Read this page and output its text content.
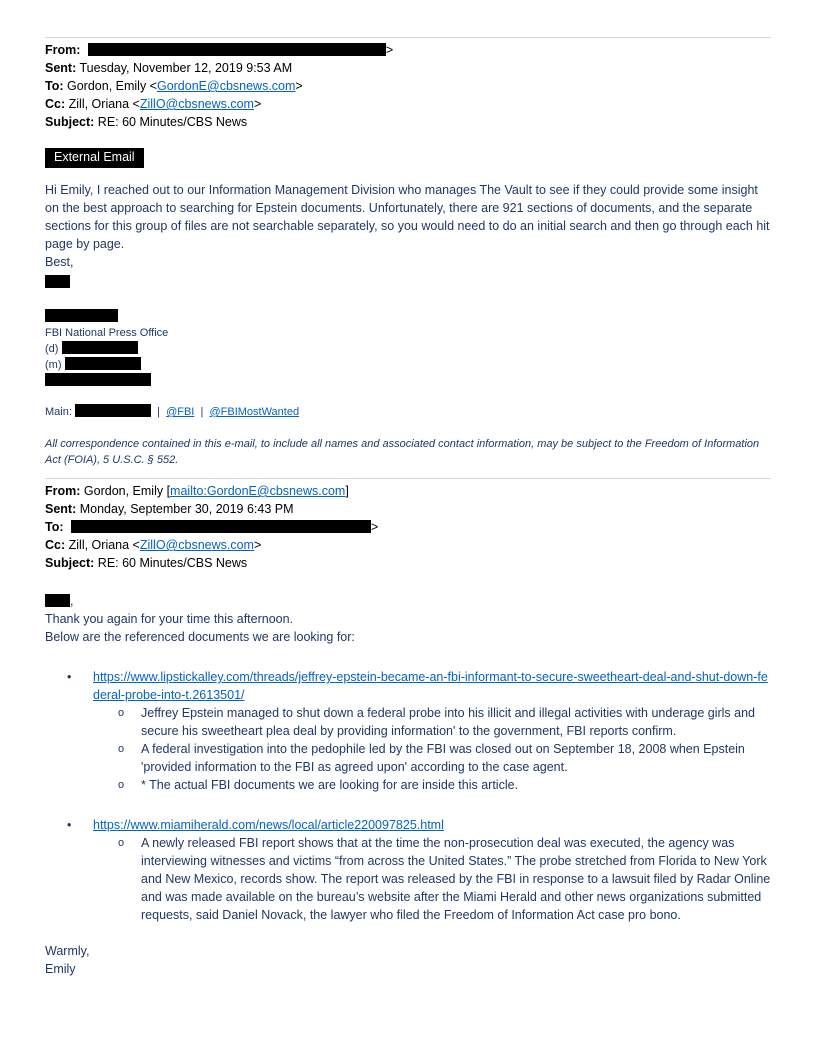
From:	>
Sent: Tuesday, November 12, 2019 9:53 AM
To: Gordon, Emily <GordonE@cbsnews.com>
Cc: Zill, Oriana <ZillO@cbsnews.com>
Subject: RE: 60 Minutes/CBS News
External Email
Hi Emily, I reached out to our Information Management Division who manages The Vault to see if they could provide some insight on the best approach to searching for Epstein documents. Unfortunately, there are 921 sections of documents, and the separate sections for this group of files are not searchable separately, so you would need to do an initial search and then go through each hit page by page.
Best,
FBI National Press Office
(d)
(m)
Main:	| @FBI | @FBIMostWanted
All correspondence contained in this e-mail, to include all names and associated contact information, may be subject to the Freedom of Information Act (FOIA), 5 U.S.C. § 552.
From: Gordon, Emily [mailto:GordonE@cbsnews.com]
Sent: Monday, September 30, 2019 6:43 PM
To:	>
Cc: Zill, Oriana <ZillO@cbsnews.com>
Subject: RE: 60 Minutes/CBS News
,
Thank you again for your time this afternoon.
Below are the referenced documents we are looking for:
• https://www.lipstickalley.com/threads/jeffrey-epstein-became-an-fbi-informant-to-secure-sweetheart-deal-and-shut-down-federal-probe-into-t.2613501/
o Jeffrey Epstein managed to shut down a federal probe into his illicit and illegal activities with underage girls and secure his sweetheart plea deal by providing information' to the government, FBI reports confirm.
o A federal investigation into the pedophile led by the FBI was closed out on September 18, 2008 when Epstein 'provided information to the FBI as agreed upon' according to the case agent.
o * The actual FBI documents we are looking for are inside this article.
• https://www.miamiherald.com/news/local/article220097825.html
o A newly released FBI report shows that at the time the non-prosecution deal was executed, the agency was interviewing witnesses and victims “from across the United States.” The probe stretched from Florida to New York and New Mexico, records show. The report was released by the FBI in response to a lawsuit filed by Radar Online and was made available on the bureau’s website after the Miami Herald and other news organizations submitted requests, said Daniel Novack, the lawyer who filed the Freedom of Information Act case pro bono.
Warmly,
Emily
